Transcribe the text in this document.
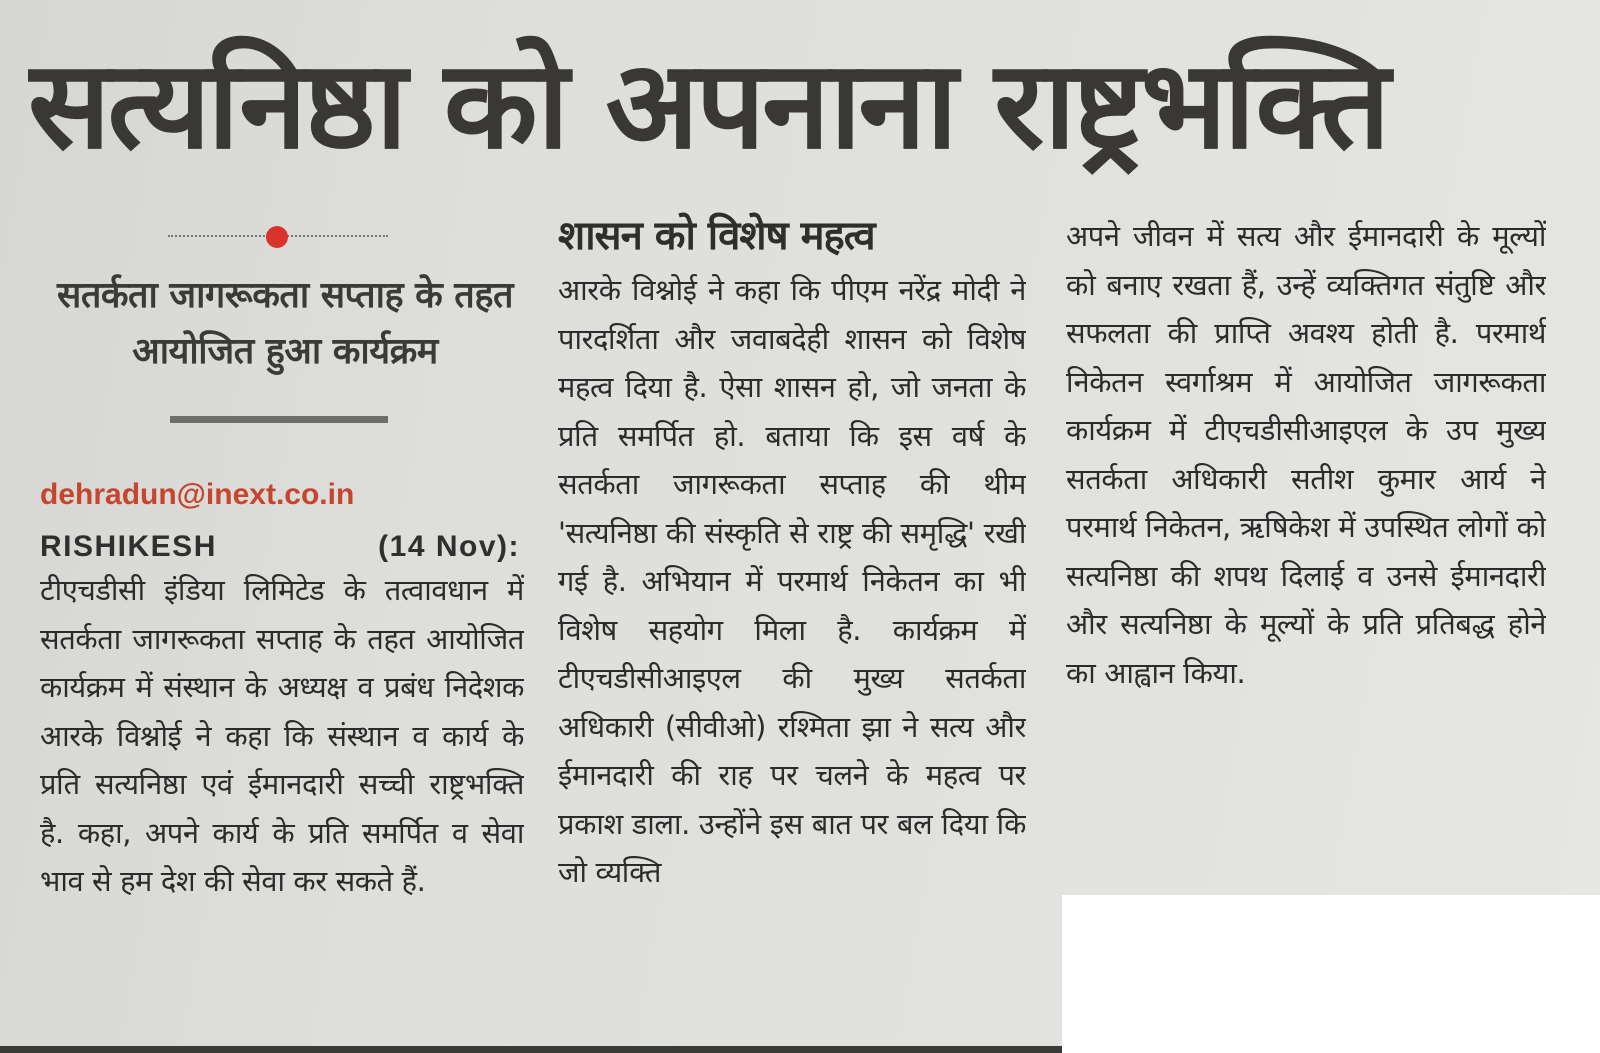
सत्यनिष्ठा को अपनाना राष्ट्रभक्ति
सतर्कता जागरूकता सप्ताह के तहत आयोजित हुआ कार्यक्रम
dehradun@inext.co.in
RISHIKESH	(14 Nov):
टीएचडीसी इंडिया लिमिटेड के तत्वावधान में सतर्कता जागरूकता सप्ताह के तहत आयोजित कार्यक्रम में संस्थान के अध्यक्ष व प्रबंध निदेशक आरके विश्नोई ने कहा कि संस्थान व कार्य के प्रति सत्यनिष्ठा एवं ईमानदारी सच्ची राष्ट्रभक्ति है. कहा, अपने कार्य के प्रति समर्पित व सेवा भाव से हम देश की सेवा कर सकते हैं.
शासन को विशेष महत्व
आरके विश्नोई ने कहा कि पीएम नरेंद्र मोदी ने पारदर्शिता और जवाबदेही शासन को विशेष महत्व दिया है. ऐसा शासन हो, जो जनता के प्रति समर्पित हो. बताया कि इस वर्ष के सतर्कता जागरूकता सप्ताह की थीम 'सत्यनिष्ठा की संस्कृति से राष्ट्र की समृद्धि' रखी गई है. अभियान में परमार्थ निकेतन का भी विशेष सहयोग मिला है. कार्यक्रम में टीएचडीसीआइएल की मुख्य सतर्कता अधिकारी (सीवीओ) रश्मिता झा ने सत्य और ईमानदारी की राह पर चलने के महत्व पर प्रकाश डाला. उन्होंने इस बात पर बल दिया कि जो व्यक्ति
अपने जीवन में सत्य और ईमानदारी के मूल्यों को बनाए रखता हैं, उन्हें व्यक्तिगत संतुष्टि और सफलता की प्राप्ति अवश्य होती है. परमार्थ निकेतन स्वर्गाश्रम में आयोजित जागरूकता कार्यक्रम में टीएचडीसीआइएल के उप मुख्य सतर्कता अधिकारी सतीश कुमार आर्य ने परमार्थ निकेतन, ऋषिकेश में उपस्थित लोगों को सत्यनिष्ठा की शपथ दिलाई व उनसे ईमानदारी और सत्यनिष्ठा के मूल्यों के प्रति प्रतिबद्ध होने का आह्वान किया.
